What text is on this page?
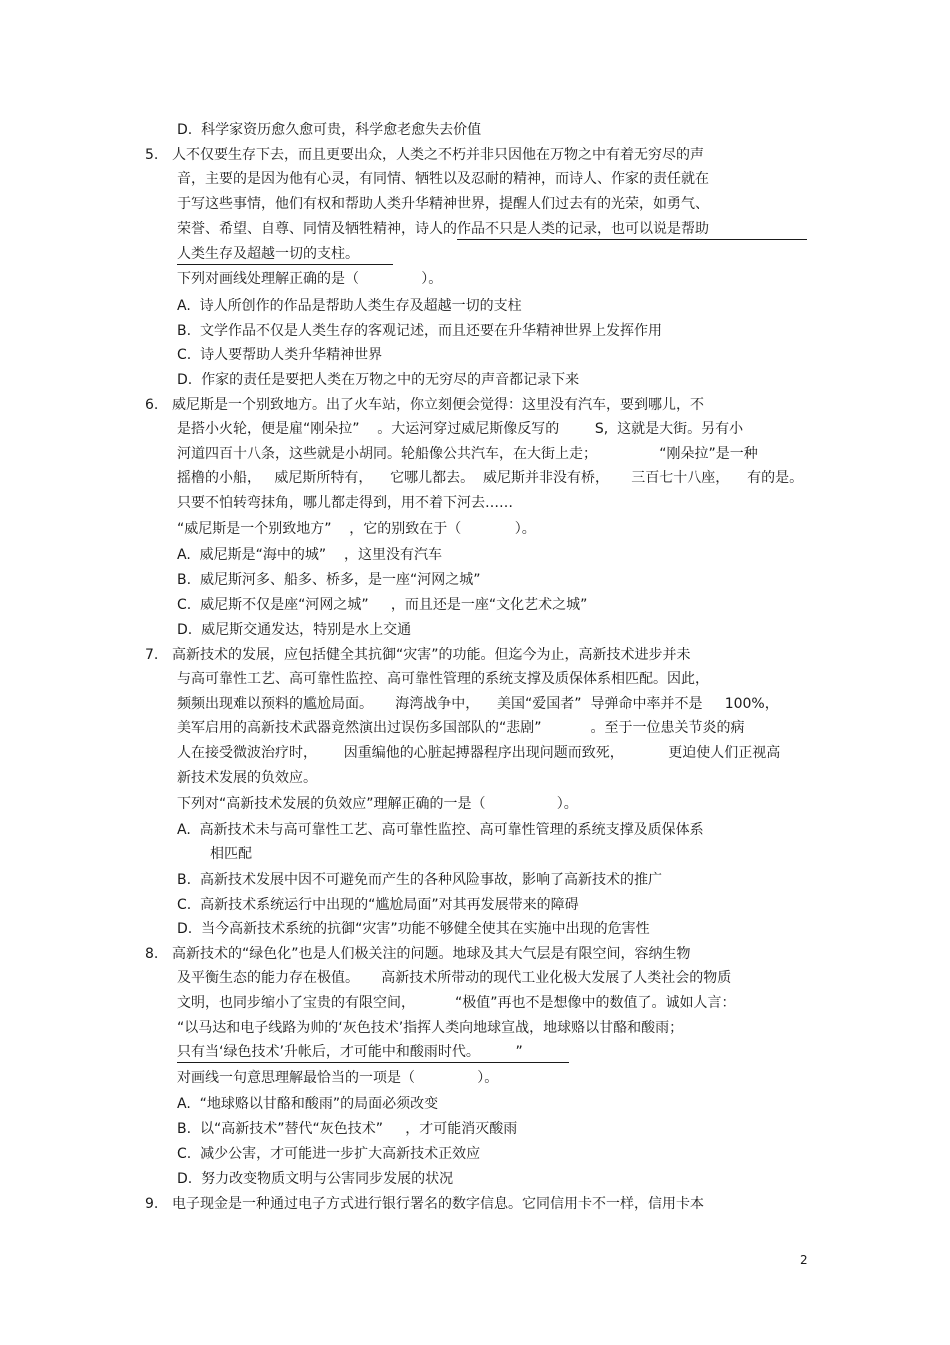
D.  科学家资历愈久愈可贵，科学愈老愈失去价值
5. 人不仅要生存下去，而且更要出众，人类之不朽并非只因他在万物之中有着无穷尽的声
音，主要的是因为他有心灵，有同情、牺牲以及忍耐的精神，而诗人、作家的责任就在
于写这些事情，他们有权和帮助人类升华精神世界，提醒人们过去有的光荣，如勇气、
荣誉、希望、自尊、同情及牺牲精神，诗人的作品不只是人类的记录，也可以说是帮助
人类生存及超越一切的支柱。
下列对画线处理解正确的是（              ）。
A.  诗人所创作的作品是帮助人类生存及超越一切的支柱
B.  文学作品不仅是人类生存的客观记述，而且还要在升华精神世界上发挥作用
C.  诗人要帮助人类升华精神世界
D.  作家的责任是要把人类在万物之中的无穷尽的声音都记录下来
6. 威尼斯是一个别致地方。出了火车站，你立刻便会觉得：这里没有汽车，要到哪儿，不
是搭小火轮，便是雇“刚朵拉”    。大运河穿过威尼斯像反写的        S,  这就是大街。另有小
河道四百十八条，这些就是小胡同。轮船像公共汽车，在大街上走；              “刚朵拉”是一种
摇橹的小船，   威尼斯所特有，    它哪儿都去。  威尼斯并非没有桥，     三百七十八座，    有的是。
只要不怕转弯抹角，哪儿都走得到，用不着下河去……
“威尼斯是一个别致地方”    ，它的别致在于（            ）。
A.  威尼斯是“海中的城”    ，这里没有汽车
B.  威尼斯河多、船多、桥多，是一座“河网之城”
C.  威尼斯不仅是座“河网之城”     ，而且还是一座“文化艺术之城”
D.  威尼斯交通发达，特别是水上交通
7. 高新技术的发展，应包括健全其抗御“灾害”的功能。但迄今为止，高新技术进步并未
与高可靠性工艺、高可靠性监控、高可靠性管理的系统支撑及质保体系相匹配。因此，
频频出现难以预料的尴尬局面。     海湾战争中，    美国“爱国者”  导弹命中率并不是     100%，
美军启用的高新技术武器竟然演出过误伤多国部队的“悲剧”           。至于一位患关节炎的病
人在接受微波治疗时，      因重编他的心脏起搏器程序出现问题而致死，          更迫使人们正视高
新技术发展的负效应。
下列对“高新技术发展的负效应”理解正确的一是（                ）。
A.  高新技术未与高可靠性工艺、高可靠性监控、高可靠性管理的系统支撑及质保体系
相匹配
B.  高新技术发展中因不可避免而产生的各种风险事故，影响了高新技术的推广
C.  高新技术系统运行中出现的“尴尬局面”对其再发展带来的障碍
D.  当今高新技术系统的抗御“灾害”功能不够健全使其在实施中出现的危害性
8. 高新技术的“绿色化”也是人们极关注的问题。地球及其大气层是有限空间，容纳生物
及平衡生态的能力存在极值。     高新技术所带动的现代工业化极大发展了人类社会的物质
文明，也同步缩小了宝贵的有限空间，         “极值”再也不是想像中的数值了。诚如人言：
“以马达和电子线路为帅的‘灰色技术’指挥人类向地球宣战，地球赂以甘酪和酸雨；
只有当‘绿色技术’升帐后，才可能中和酸雨时代。        ”
对画线一句意思理解最恰当的一项是（              ）。
A.  “地球赂以甘酪和酸雨”的局面必须改变
B.  以“高新技术”替代“灰色技术”     ，才可能消灭酸雨
C.  减少公害，才可能进一步扩大高新技术正效应
D.  努力改变物质文明与公害同步发展的状况
9. 电子现金是一种通过电子方式进行银行署名的数字信息。它同信用卡不一样，信用卡本
2
